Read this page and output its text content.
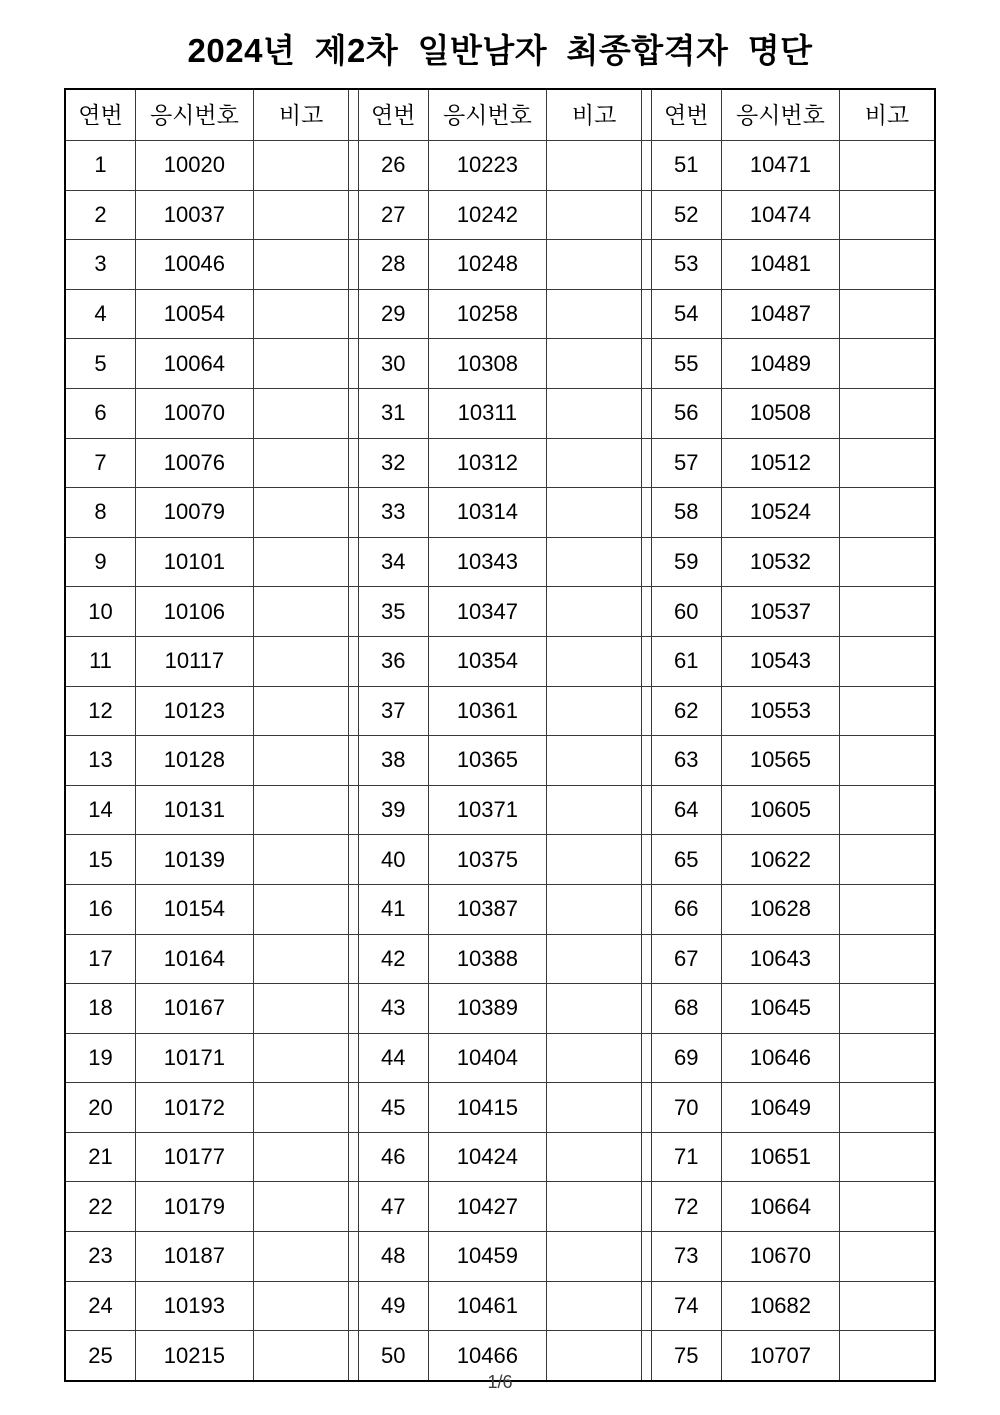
2024년  제2차  일반남자  최종합격자  명단
연번	응시번호	비고		연번	응시번호	비고		연번	응시번호	비고
1	10020			26	10223			51	10471	
2	10037			27	10242			52	10474	
3	10046			28	10248			53	10481	
4	10054			29	10258			54	10487	
5	10064			30	10308			55	10489	
6	10070			31	10311			56	10508	
7	10076			32	10312			57	10512	
8	10079			33	10314			58	10524	
9	10101			34	10343			59	10532	
10	10106			35	10347			60	10537	
11	10117			36	10354			61	10543	
12	10123			37	10361			62	10553	
13	10128			38	10365			63	10565	
14	10131			39	10371			64	10605	
15	10139			40	10375			65	10622	
16	10154			41	10387			66	10628	
17	10164			42	10388			67	10643	
18	10167			43	10389			68	10645	
19	10171			44	10404			69	10646	
20	10172			45	10415			70	10649	
21	10177			46	10424			71	10651	
22	10179			47	10427			72	10664	
23	10187			48	10459			73	10670	
24	10193			49	10461			74	10682	
25	10215			50	10466			75	10707	
1/6
